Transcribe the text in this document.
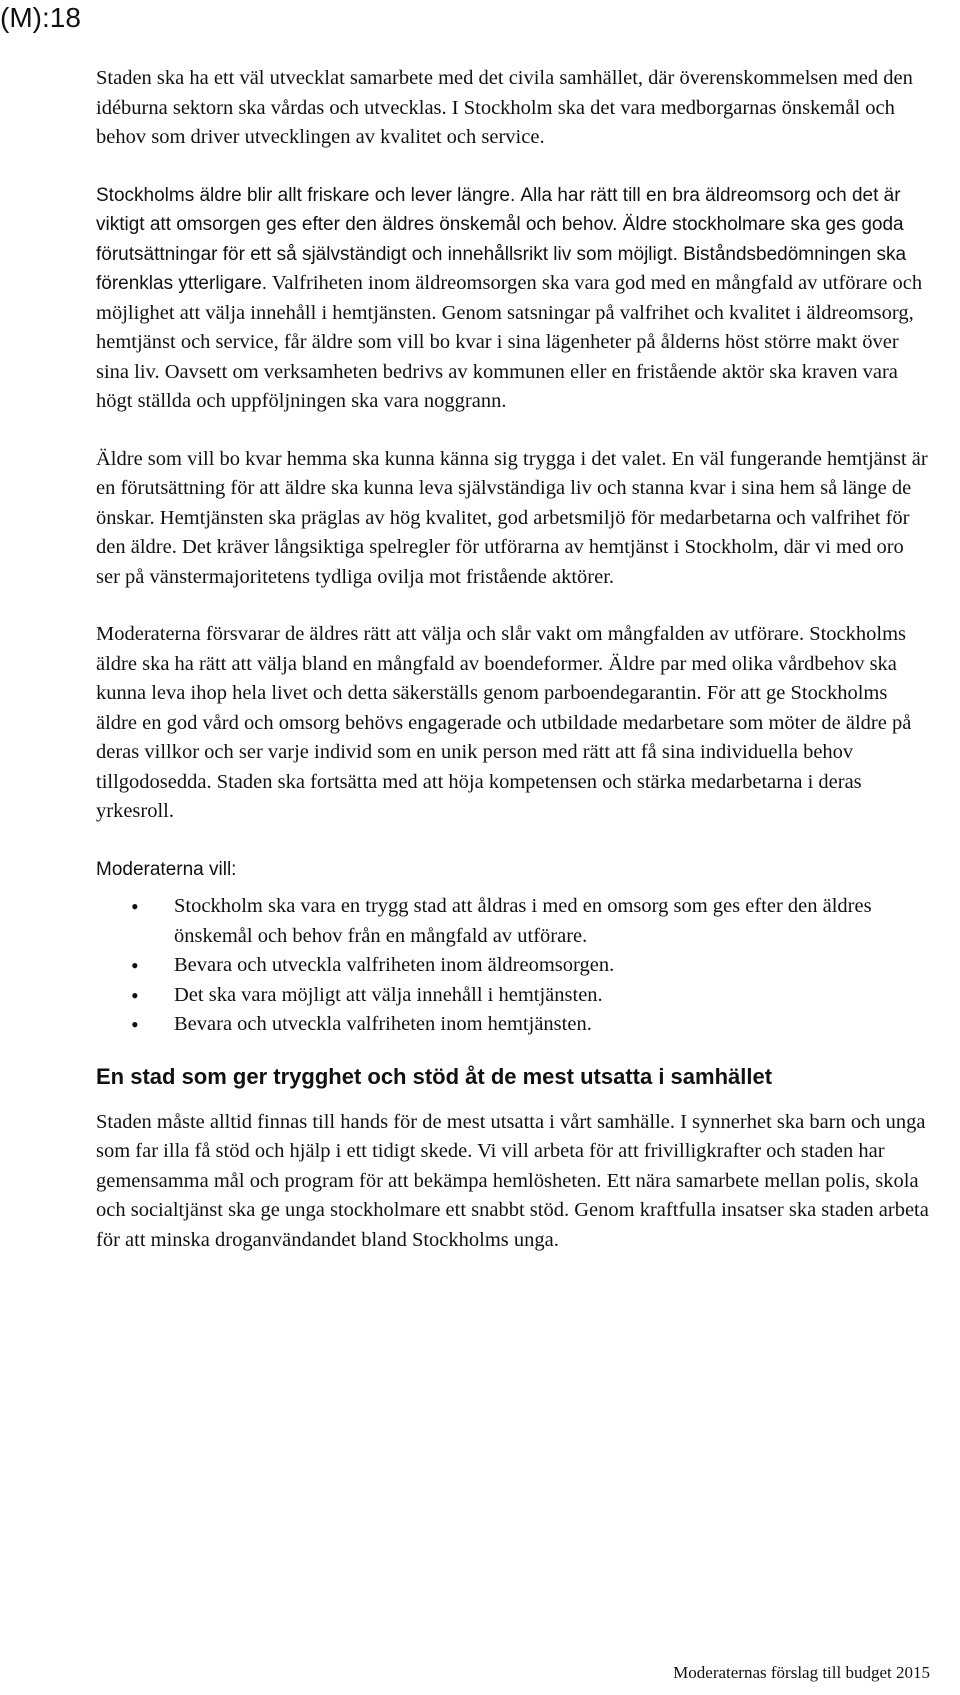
(M):18

Staden ska ha ett väl utvecklat samarbete med det civila samhället, där överenskommelsen med den idéburna sektorn ska vårdas och utvecklas. I Stockholm ska det vara medborgarnas önskemål och behov som driver utvecklingen av kvalitet och service.

Stockholms äldre blir allt friskare och lever längre. Alla har rätt till en bra äldreomsorg och det är viktigt att omsorgen ges efter den äldres önskemål och behov. Äldre stockholmare ska ges goda förutsättningar för ett så självständigt och innehållsrikt liv som möjligt. Biståndsbedömningen ska förenklas ytterligare. Valfriheten inom äldreomsorgen ska vara god med en mångfald av utförare och möjlighet att välja innehåll i hemtjänsten. Genom satsningar på valfrihet och kvalitet i äldreomsorg, hemtjänst och service, får äldre som vill bo kvar i sina lägenheter på ålderns höst större makt över sina liv. Oavsett om verksamheten bedrivs av kommunen eller en fristående aktör ska kraven vara högt ställda och uppföljningen ska vara noggrann.

Äldre som vill bo kvar hemma ska kunna känna sig trygga i det valet. En väl fungerande hemtjänst är en förutsättning för att äldre ska kunna leva självständiga liv och stanna kvar i sina hem så länge de önskar. Hemtjänsten ska präglas av hög kvalitet, god arbetsmiljö för medarbetarna och valfrihet för den äldre. Det kräver långsiktiga spelregler för utförarna av hemtjänst i Stockholm, där vi med oro ser på vänstermajoritetens tydliga ovilja mot fristående aktörer.

Moderaterna försvarar de äldres rätt att välja och slår vakt om mångfalden av utförare. Stockholms äldre ska ha rätt att välja bland en mångfald av boendeformer. Äldre par med olika vårdbehov ska kunna leva ihop hela livet och detta säkerställs genom parboendegarantin. För att ge Stockholms äldre en god vård och omsorg behövs engagerade och utbildade medarbetare som möter de äldre på deras villkor och ser varje individ som en unik person med rätt att få sina individuella behov tillgodosedda. Staden ska fortsätta med att höja kompetensen och stärka medarbetarna i deras yrkesroll.

Moderaterna vill:

• Stockholm ska vara en trygg stad att åldras i med en omsorg som ges efter den äldres önskemål och behov från en mångfald av utförare.
• Bevara och utveckla valfriheten inom äldreomsorgen.
• Det ska vara möjligt att välja innehåll i hemtjänsten.
• Bevara och utveckla valfriheten inom hemtjänsten.
En stad som ger trygghet och stöd åt de mest utsatta i samhället

Staden måste alltid finnas till hands för de mest utsatta i vårt samhälle. I synnerhet ska barn och unga som far illa få stöd och hjälp i ett tidigt skede. Vi vill arbeta för att frivilligkrafter och staden har gemensamma mål och program för att bekämpa hemlösheten. Ett nära samarbete mellan polis, skola och socialtjänst ska ge unga stockholmare ett snabbt stöd. Genom kraftfulla insatser ska staden arbeta för att minska droganvändandet bland Stockholms unga.

Moderaternas förslag till budget 2015
